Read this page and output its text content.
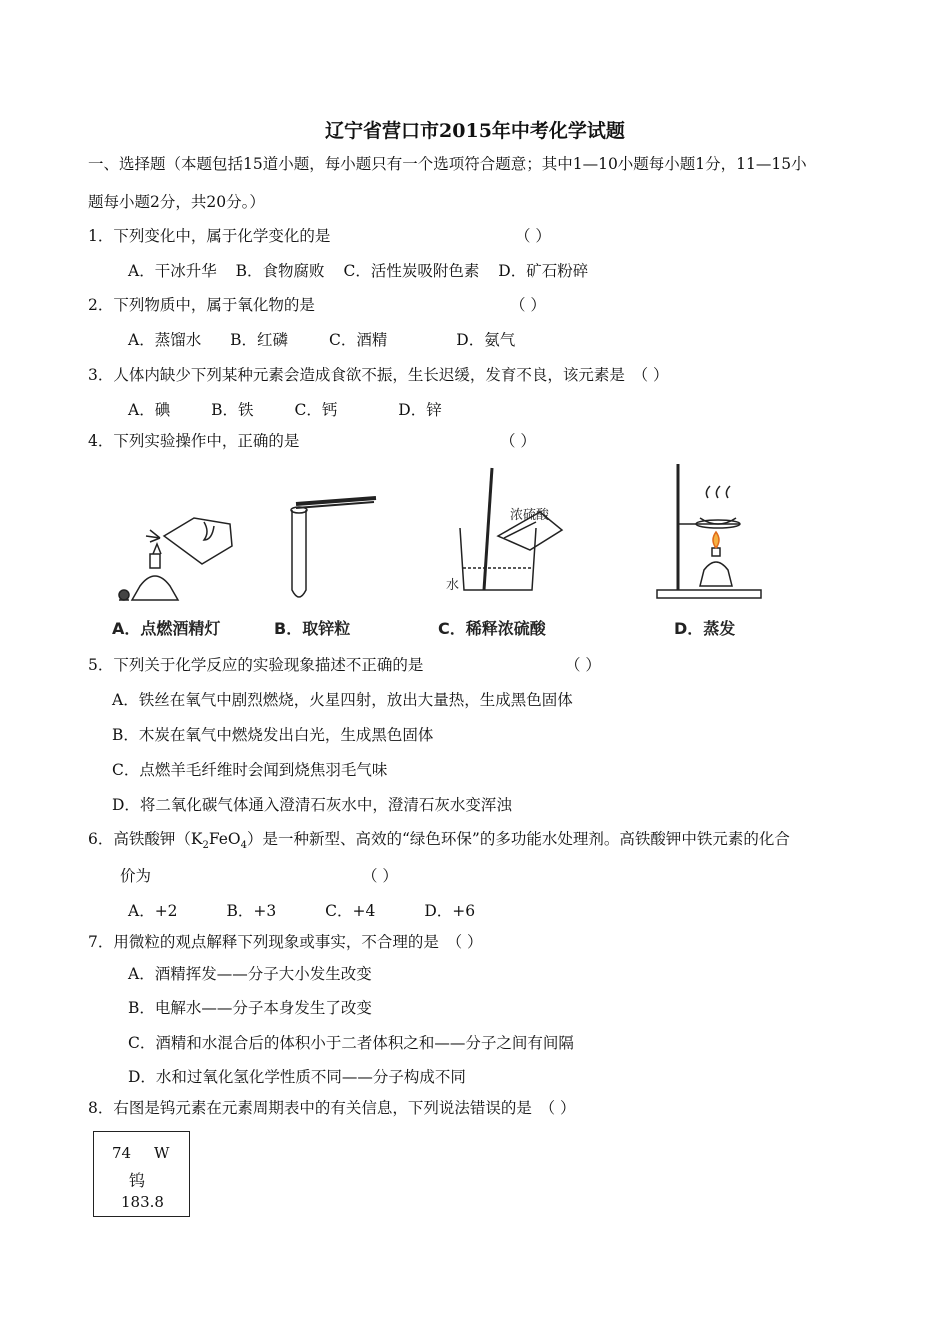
辽宁省营口市2015年中考化学试题
一、选择题（本题包括15道小题，每小题只有一个选项符合题意；其中1—10小题每小题1分，11—15小
题每小题2分，共20分。）
1．下列变化中，属于化学变化的是	（ ）
A．干冰升华 B．食物腐败 C．活性炭吸附色素 D．矿石粉碎
2．下列物质中，属于氧化物的是	（ ）
A．蒸馏水 B．红磷	C．酒精	D．氨气
3．人体内缺少下列某种元素会造成食欲不振，生长迟缓，发育不良，该元素是　（ ）
A．碘	B．铁	C．钙	D．锌
4．下列实验操作中，正确的是	（ ）
浓硫酸
水
A．点燃酒精灯	B．取锌粒	C．稀释浓硫酸	D．蒸发
5．下列关于化学反应的实验现象描述不正确的是	（ ）
A．铁丝在氧气中剧烈燃烧，火星四射，放出大量热，生成黑色固体
B．木炭在氧气中燃烧发出白光，生成黑色固体
C．点燃羊毛纤维时会闻到烧焦羽毛气味
D．将二氧化碳气体通入澄清石灰水中，澄清石灰水变浑浊
6．高铁酸钾$(K_2FeO_4)$是一种新型、高效的“绿色环保”的多功能水处理剂。高铁酸钾中铁元素的化合
价为	（ ）
A．+2	B．+3	C．+4	D．+6
7．用微粒的观点解释下列现象或事实，不合理的是　（ ）
A．酒精挥发——分子大小发生改变
B．电解水——分子本身发生了改变
C．酒精和水混合后的体积小于二者体积之和——分子之间有间隔
D．水和过氧化氢化学性质不同——分子构成不同
8．右图是钨元素在元素周期表中的有关信息，下列说法错误的是　（ ）
74 W
钨
183.8
